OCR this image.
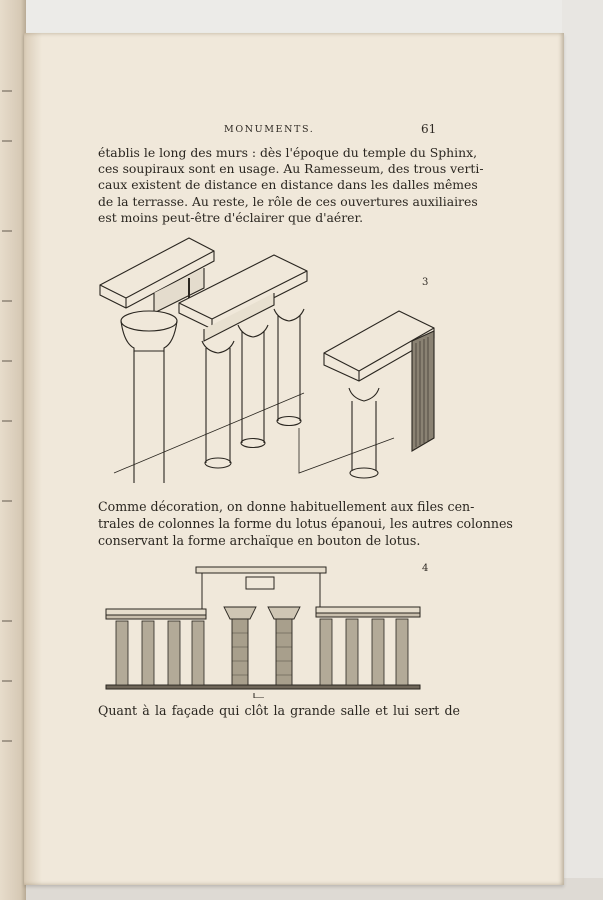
MONUMENTS.	61

établis le long des murs : dès l'époque du temple du Sphinx,
ces soupiraux sont en usage. Au Ramesseum, des trous verti-
caux existent de distance en distance dans les dalles mêmes
de la terrasse. Au reste, le rôle de ces ouvertures auxiliaires
est moins peut-être d'éclairer que d'aérer.

3

Comme décoration, on donne habituellement aux files cen-
trales de colonnes la forme du lotus épanoui, les autres colonnes
conservant la forme archaïque en bouton de lotus.

4

Quant à la façade qui clôt la grande salle et lui sert de
